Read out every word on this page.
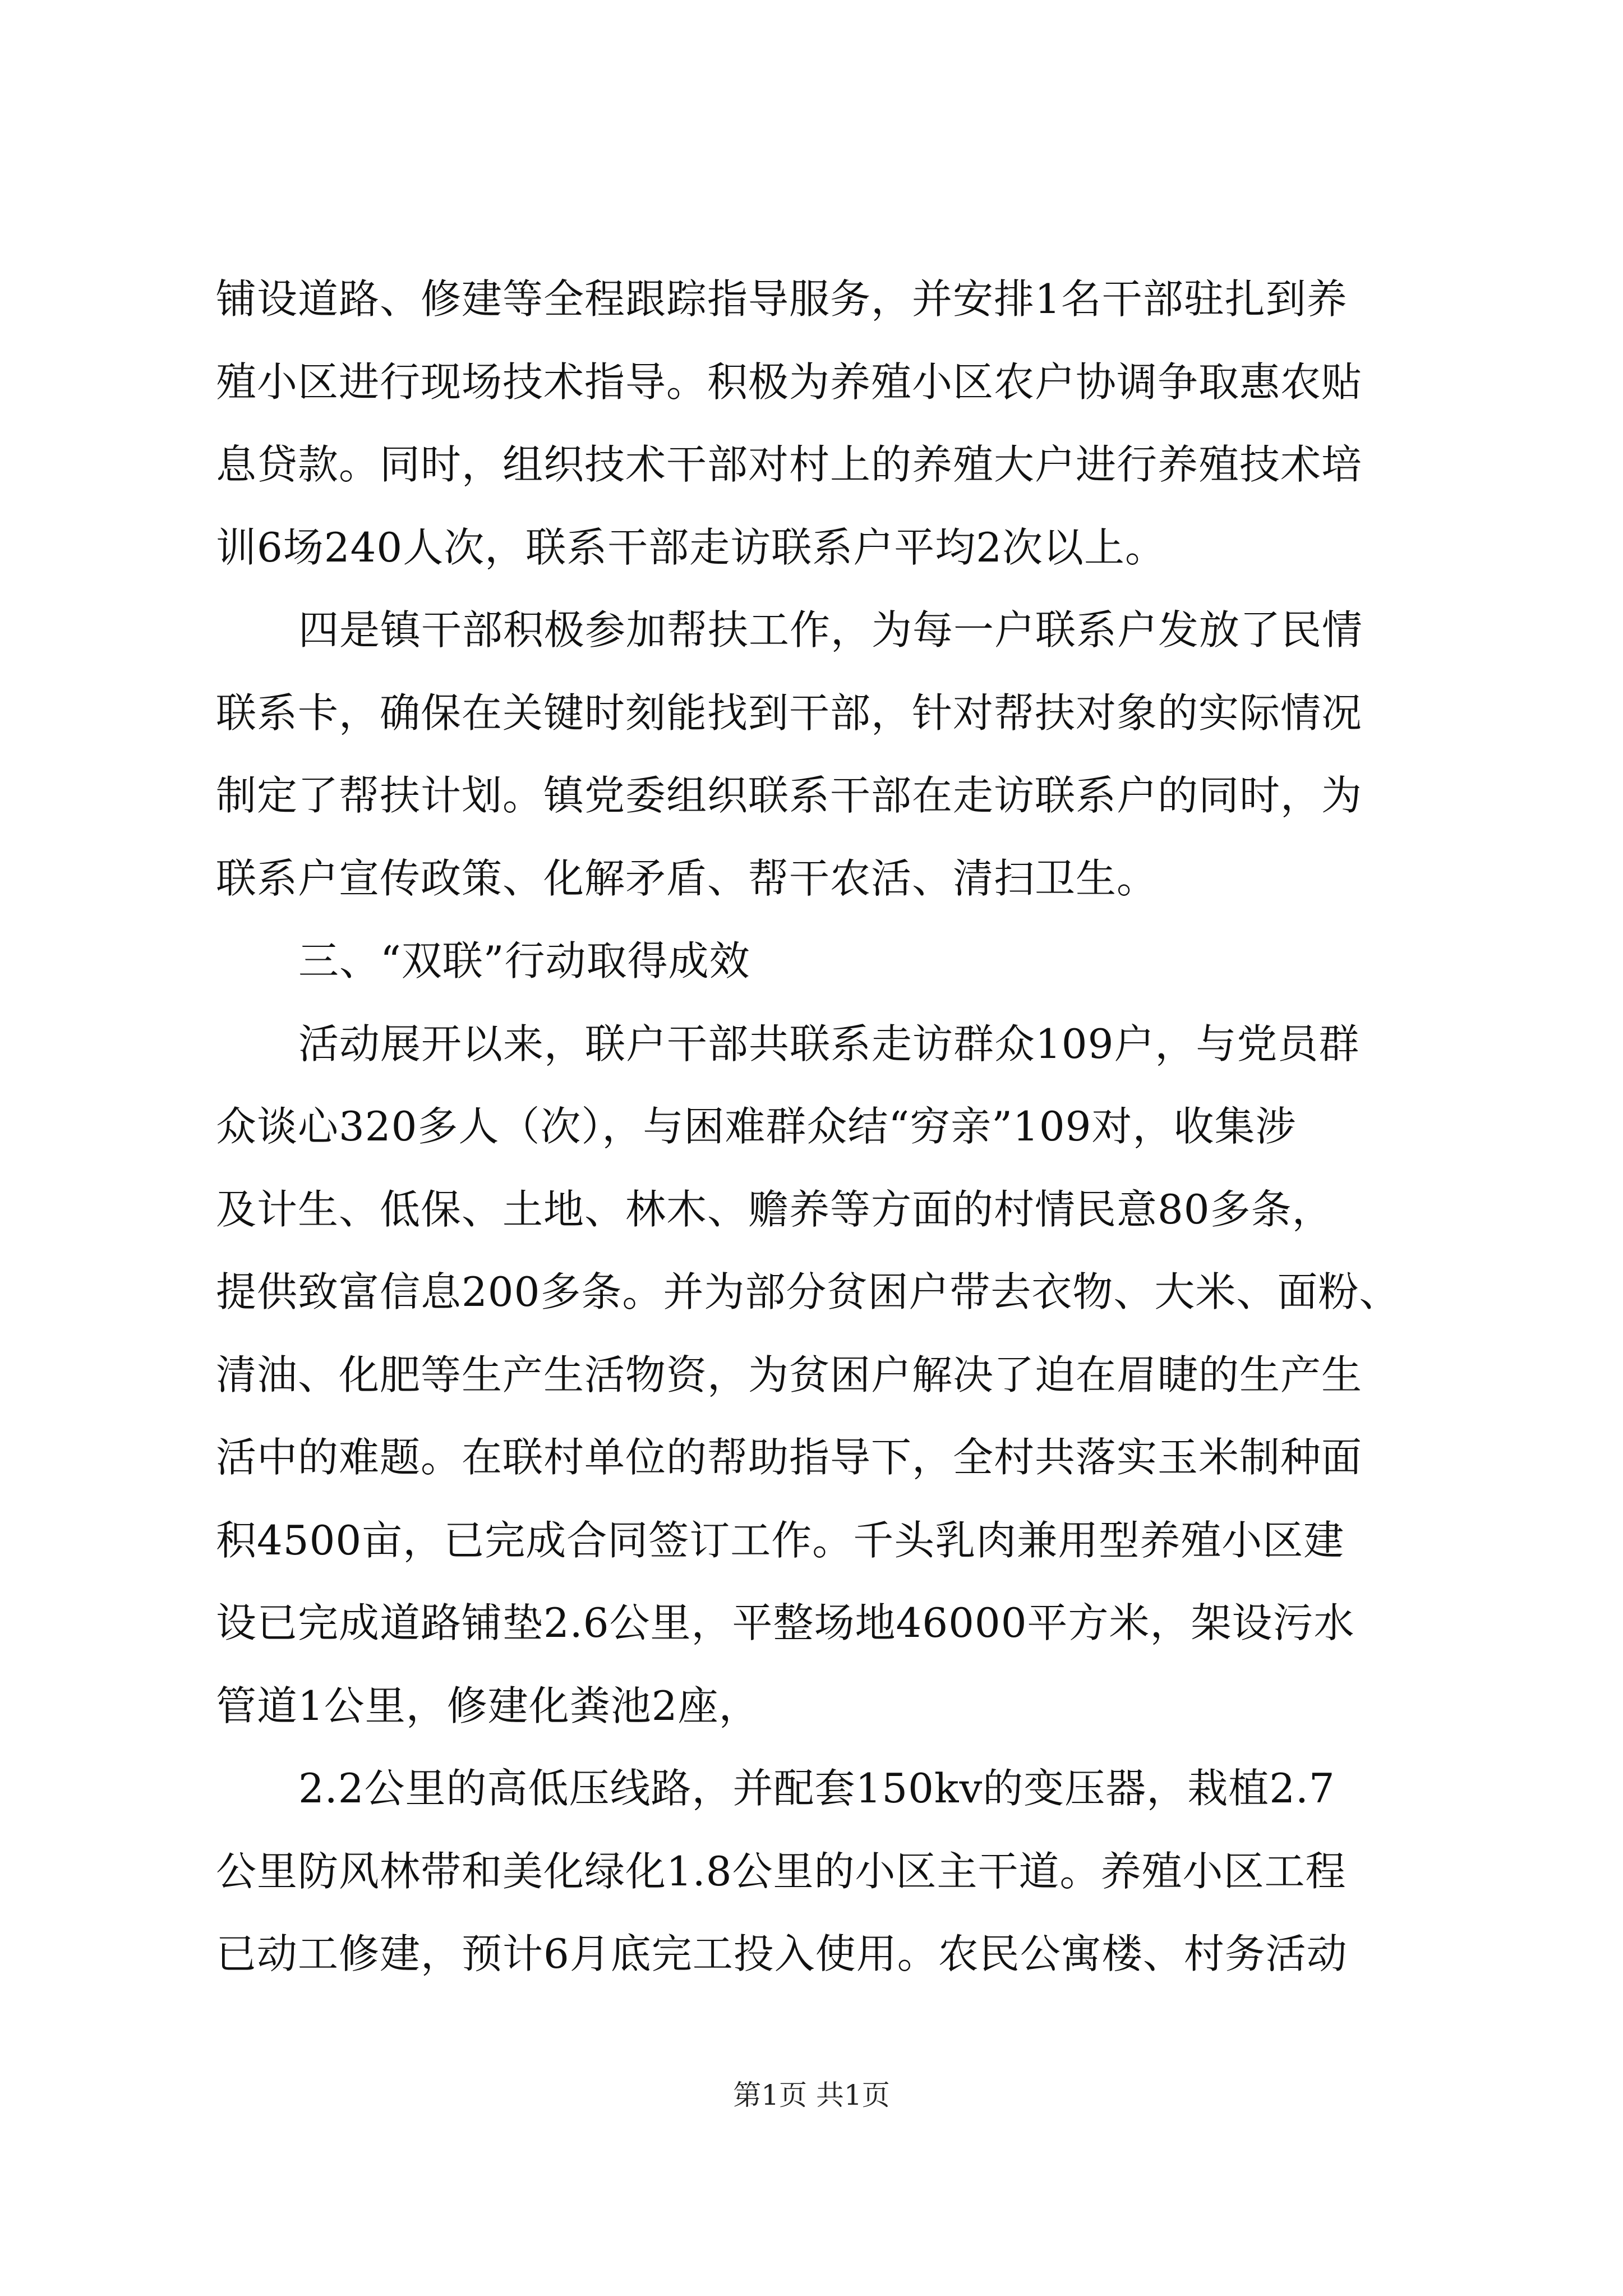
铺设道路、修建等全程跟踪指导服务，并安排1名干部驻扎到养
殖小区进行现场技术指导。积极为养殖小区农户协调争取惠农贴
息贷款。同时，组织技术干部对村上的养殖大户进行养殖技术培
训6场240人次，联系干部走访联系户平均2次以上。
四是镇干部积极参加帮扶工作，为每一户联系户发放了民情
联系卡，确保在关键时刻能找到干部，针对帮扶对象的实际情况
制定了帮扶计划。镇党委组织联系干部在走访联系户的同时，为
联系户宣传政策、化解矛盾、帮干农活、清扫卫生。
三、“双联”行动取得成效
活动展开以来，联户干部共联系走访群众109户，与党员群
众谈心320多人（次），与困难群众结“穷亲”109对，收集涉
及计生、低保、土地、林木、赡养等方面的村情民意80多条，
提供致富信息200多条。并为部分贫困户带去衣物、大米、面粉、
清油、化肥等生产生活物资，为贫困户解决了迫在眉睫的生产生
活中的难题。在联村单位的帮助指导下，全村共落实玉米制种面
积4500亩，已完成合同签订工作。千头乳肉兼用型养殖小区建
设已完成道路铺垫2.6公里，平整场地46000平方米，架设污水
管道1公里，修建化粪池2座，
2.2公里的高低压线路，并配套150kv的变压器，栽植2.7
公里防风林带和美化绿化1.8公里的小区主干道。养殖小区工程
已动工修建，预计6月底完工投入使用。农民公寓楼、村务活动
第1页 共1页
